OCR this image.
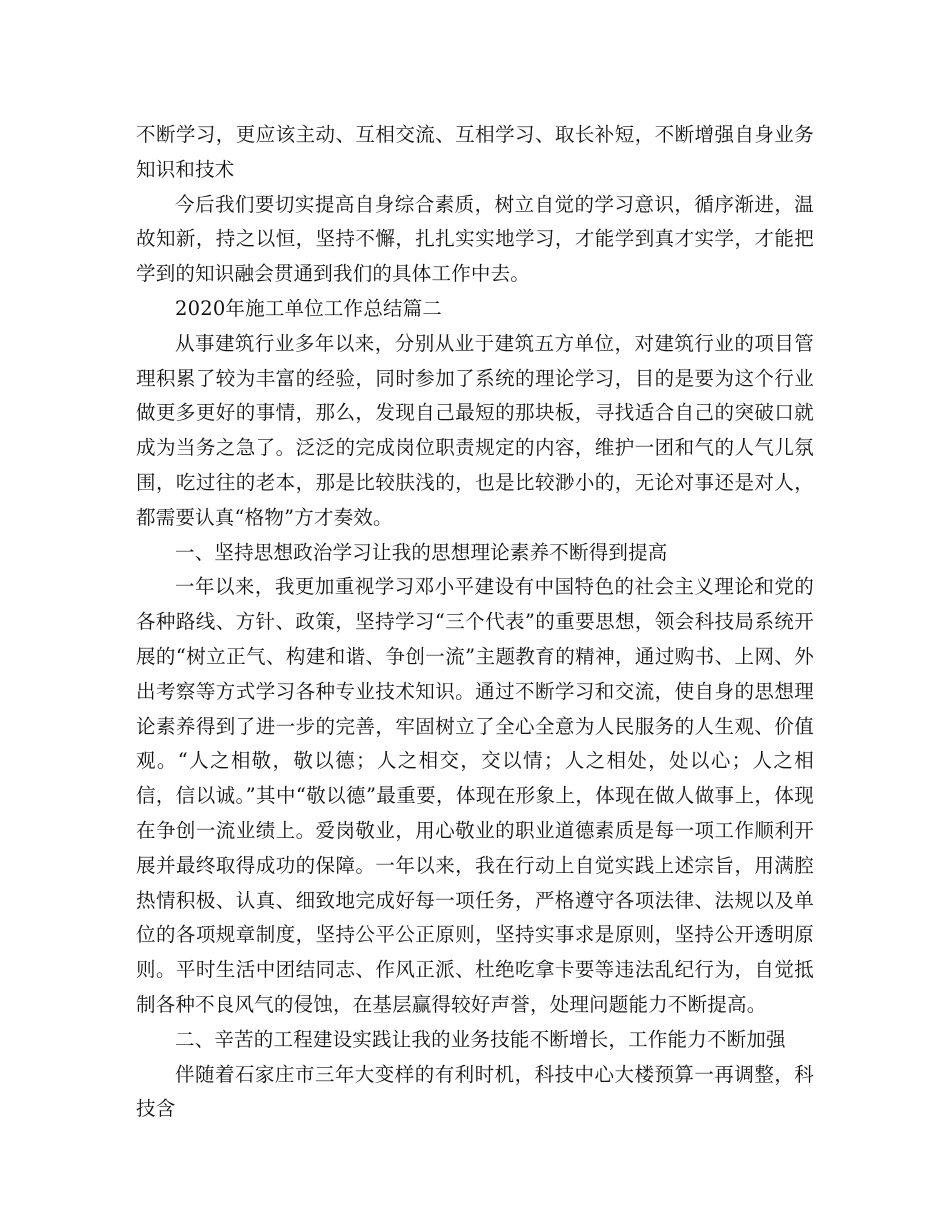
不断学习，更应该主动、互相交流、互相学习、取长补短，不断增强自身业务知识和技术

今后我们要切实提高自身综合素质，树立自觉的学习意识，循序渐进，温故知新，持之以恒，坚持不懈，扎扎实实地学习，才能学到真才实学，才能把学到的知识融会贯通到我们的具体工作中去。

2020年施工单位工作总结篇二

从事建筑行业多年以来，分别从业于建筑五方单位，对建筑行业的项目管理积累了较为丰富的经验，同时参加了系统的理论学习，目的是要为这个行业做更多更好的事情，那么，发现自己最短的那块板，寻找适合自己的突破口就成为当务之急了。泛泛的完成岗位职责规定的内容，维护一团和气的人气儿氛围，吃过往的老本，那是比较肤浅的，也是比较渺小的，无论对事还是对人，都需要认真“格物”方才奏效。

一、坚持思想政治学习让我的思想理论素养不断得到提高

一年以来，我更加重视学习邓小平建设有中国特色的社会主义理论和党的各种路线、方针、政策，坚持学习“三个代表”的重要思想，领会科技局系统开展的“树立正气、构建和谐、争创一流”主题教育的精神，通过购书、上网、外出考察等方式学习各种专业技术知识。通过不断学习和交流，使自身的思想理论素养得到了进一步的完善，牢固树立了全心全意为人民服务的人生观、价值观。“人之相敬，敬以德；人之相交，交以情；人之相处，处以心；人之相信，信以诚。”其中“敬以德”最重要，体现在形象上，体现在做人做事上，体现在争创一流业绩上。爱岗敬业，用心敬业的职业道德素质是每一项工作顺利开展并最终取得成功的保障。一年以来，我在行动上自觉实践上述宗旨，用满腔热情积极、认真、细致地完成好每一项任务，严格遵守各项法律、法规以及单位的各项规章制度，坚持公平公正原则，坚持实事求是原则，坚持公开透明原则。平时生活中团结同志、作风正派、杜绝吃拿卡要等违法乱纪行为，自觉抵制各种不良风气的侵蚀，在基层赢得较好声誉，处理问题能力不断提高。

二、辛苦的工程建设实践让我的业务技能不断增长，工作能力不断加强

伴随着石家庄市三年大变样的有利时机，科技中心大楼预算一再调整，科技含
